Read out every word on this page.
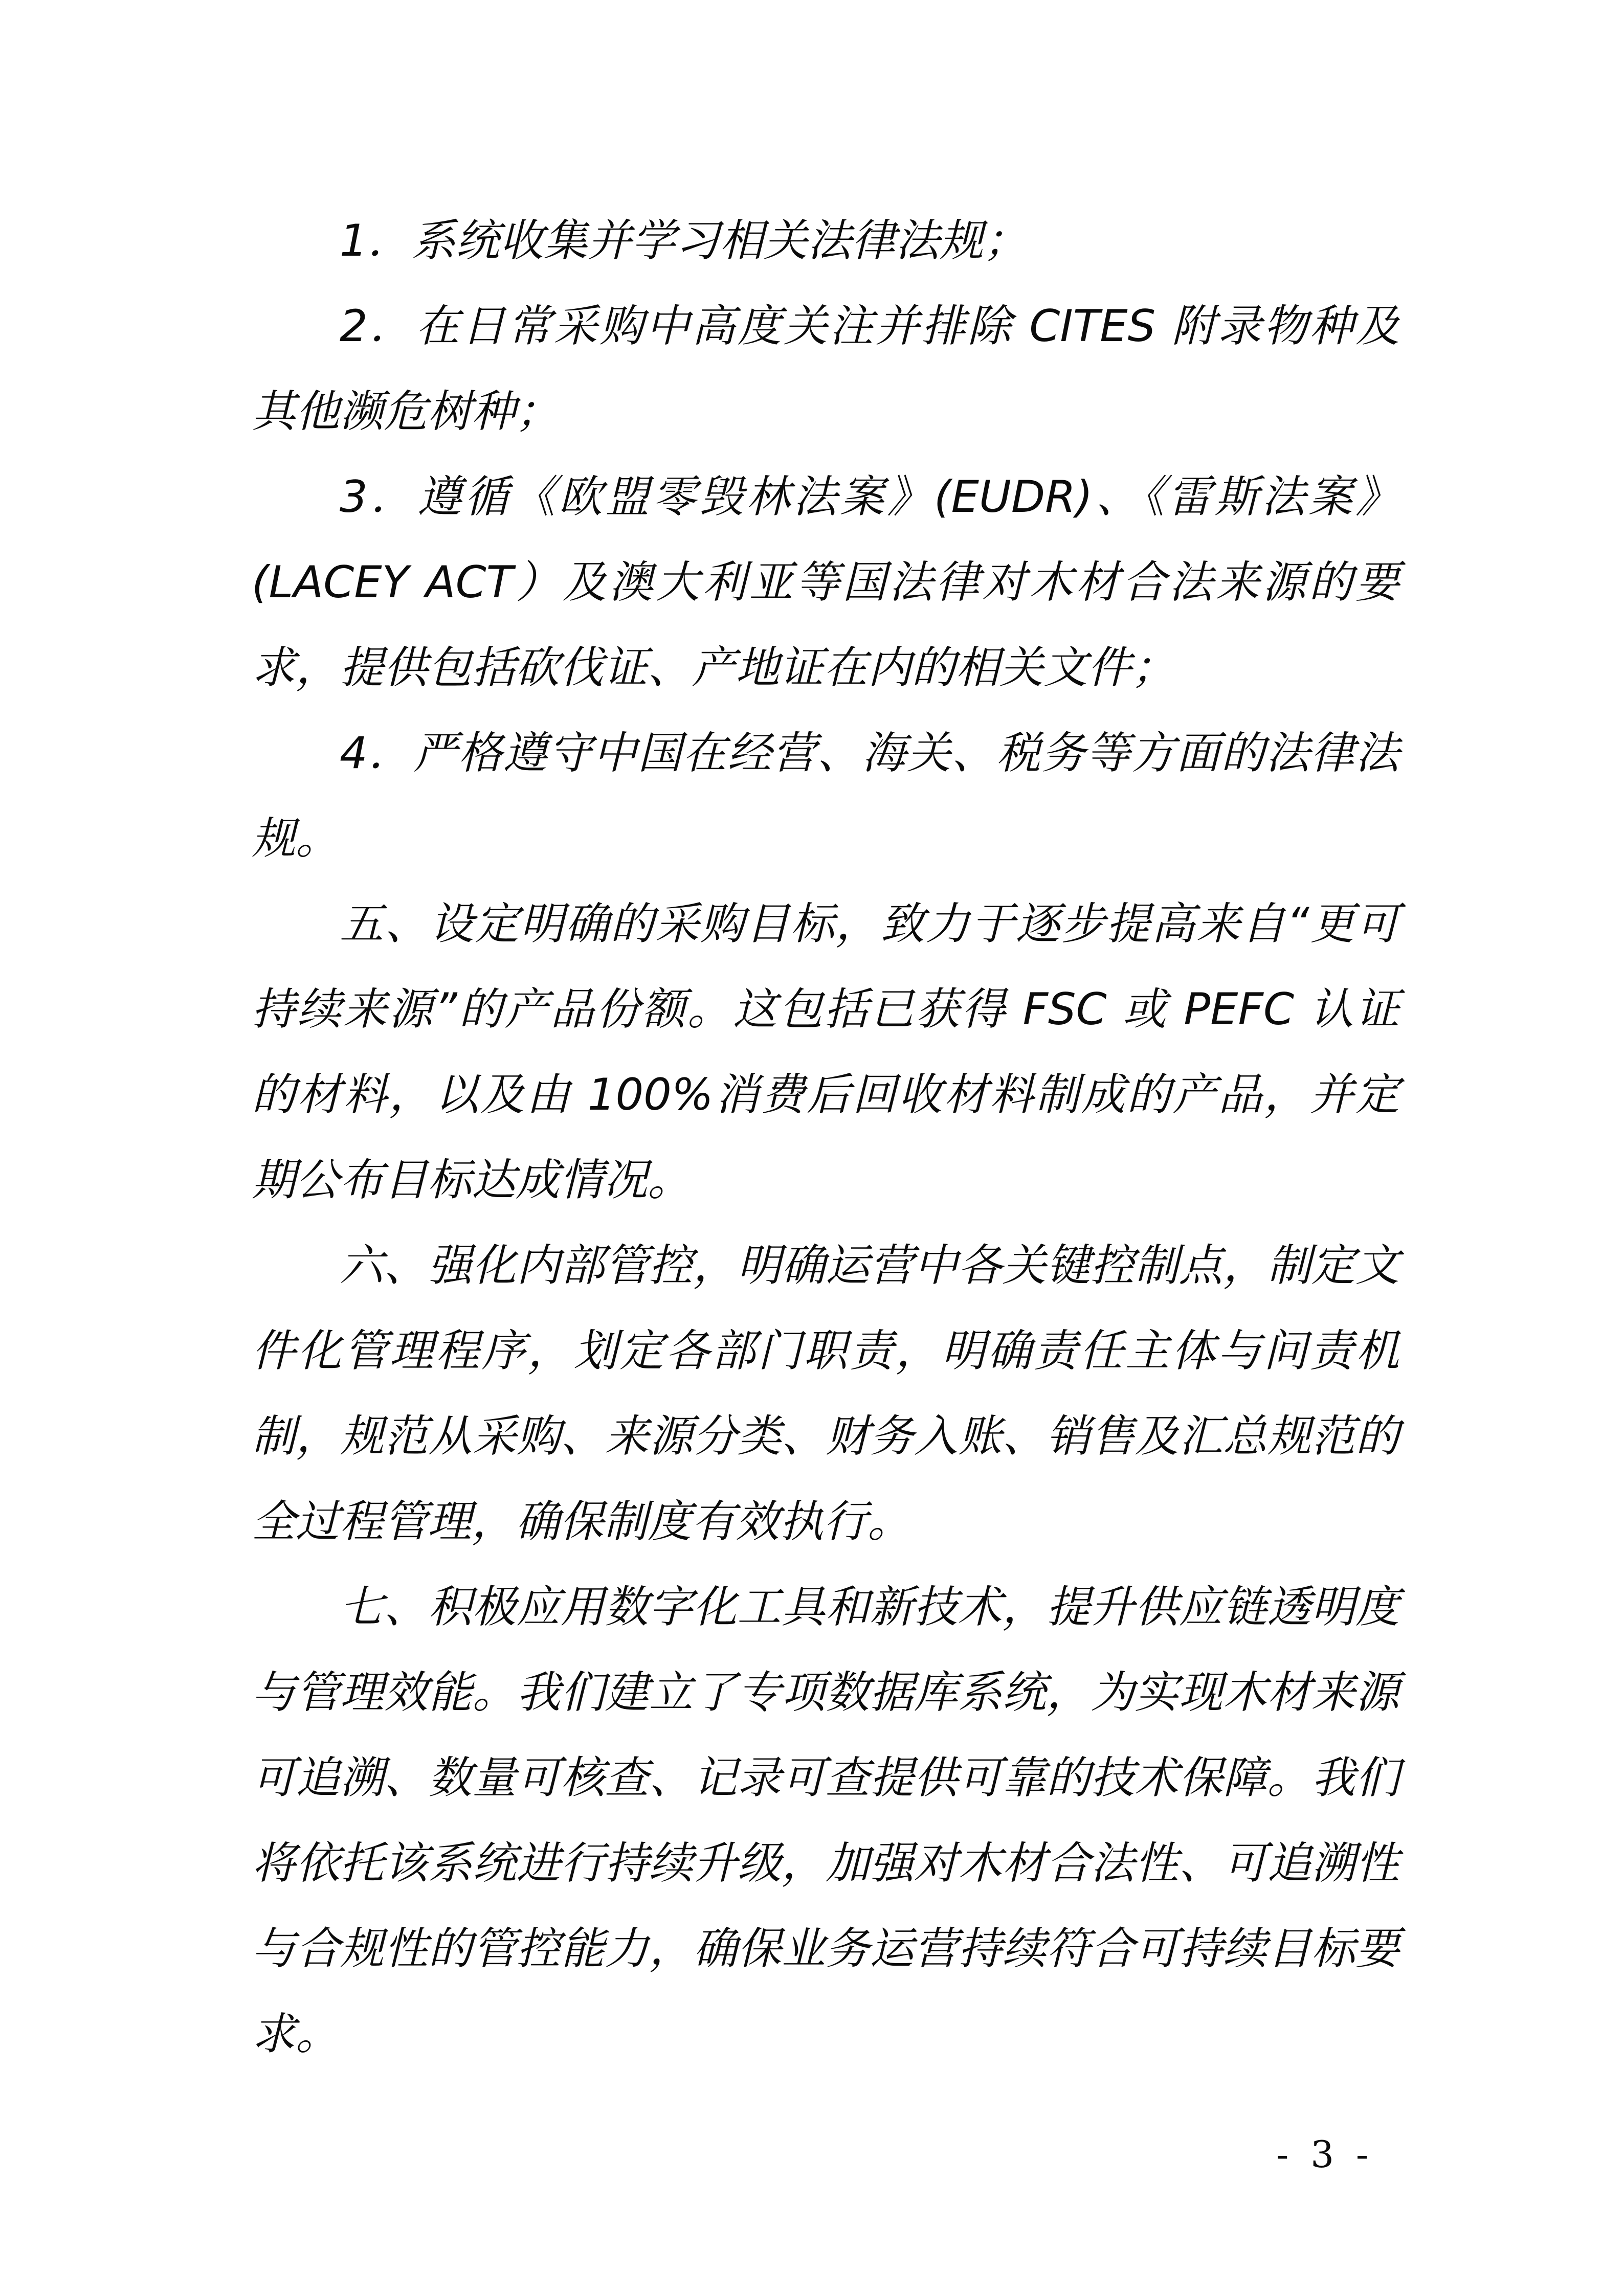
1．系统收集并学习相关法律法规；

2．在日常采购中高度关注并排除 CITES 附录物种及其他濒危树种；

3．遵循《欧盟零毁林法案》(EUDR)、《雷斯法案》(LACEY ACT）及澳大利亚等国法律对木材合法来源的要求，提供包括砍伐证、产地证在内的相关文件；

4．严格遵守中国在经营、海关、税务等方面的法律法规。

五、设定明确的采购目标，致力于逐步提高来自“更可持续来源”的产品份额。这包括已获得 FSC 或 PEFC 认证的材料，以及由 100%消费后回收材料制成的产品，并定期公布目标达成情况。

六、强化内部管控，明确运营中各关键控制点，制定文件化管理程序，划定各部门职责，明确责任主体与问责机制，规范从采购、来源分类、财务入账、销售及汇总规范的全过程管理，确保制度有效执行。

七、积极应用数字化工具和新技术，提升供应链透明度与管理效能。我们建立了专项数据库系统，为实现木材来源可追溯、数量可核查、记录可查提供可靠的技术保障。我们将依托该系统进行持续升级，加强对木材合法性、可追溯性与合规性的管控能力，确保业务运营持续符合可持续目标要求。

- 3 -
